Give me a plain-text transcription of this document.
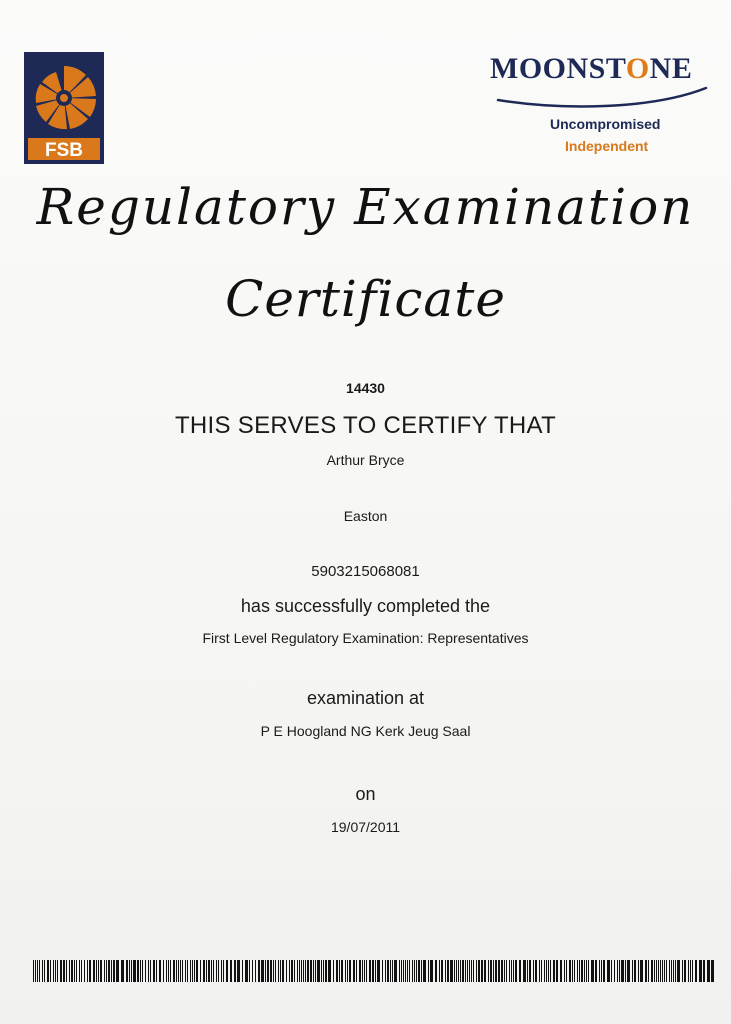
FSB
MOONSTONE
Uncompromised
Independent
Regulatory Examination
Certificate
14430
THIS SERVES TO CERTIFY THAT
Arthur Bryce
Easton
5903215068081
has successfully completed the
First Level Regulatory Examination: Representatives
examination at
P E Hoogland NG Kerk Jeug Saal
on
19/07/2011
